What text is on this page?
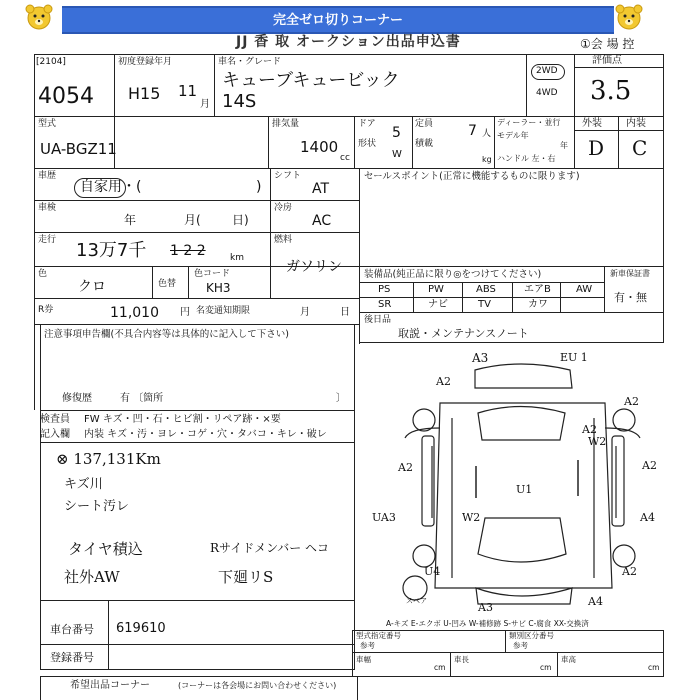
完全ゼロ切りコーナー
JJ 香 取 オークション出品申込書	①会 場 控
[2104]
4054
初度登録年月
H15 11
月
車名・グレード
キューブキュービック
14S
2WD
4WD
評価点
3.5
型式
UA-BGZ11
排気量
1400
cc
ドア
5
形状
W
定員 7 人
積載
kg
ディーラー・並行
モデル年
年
ハンドル 左・右
外装 内装
D C
車歴
自家用・(	)
シフト
AT
車検
年	月(	日)
冷房
AC
走行 13万7千 1 2 2	km
燃料
ガソリン
色
クロ	色替
色コード
KH3
R券	11,010 円 名変通知期限	月	日
セールスポイント(正常に機能するものに限ります)
装備品(純正品に限り◎をつけてください)	新車保証書
有・無
PS	PW	ABS	エアB	AW
SR	ナビ	TV	カワ
後日品
取説・メンテナンスノート
注意事項申告欄(不具合内容等は具体的に記入して下さい)
修復歴	有 〔箇所	〕
検査員
記入欄
FW キズ・凹・石・ヒビ割・リペア跡・×要
内装 キズ・汚・ヨレ・コゲ・穴・タバコ・キレ・破レ
⊗ 137,131Km
キズ川
シート汚レ
タイヤ積込
社外AW
Rサイドメンバー ヘコ
下廻リS
車台番号 619610
登録番号
希望出品コーナー	(コーナーは各会場にお問い合わせください)
A3	EU 1
A2
A2
A2
W2
A2
U1
A2
UA3	W2	A4
U4	A2
A4
A3
スペア
A-キズ E-エクボ U-凹み W-補修跡 S-サビ C-腐食 XX-交換済
型式指定番号
参考
類別区分番号
参考
車幅
cm
車長
cm
車高
cm
